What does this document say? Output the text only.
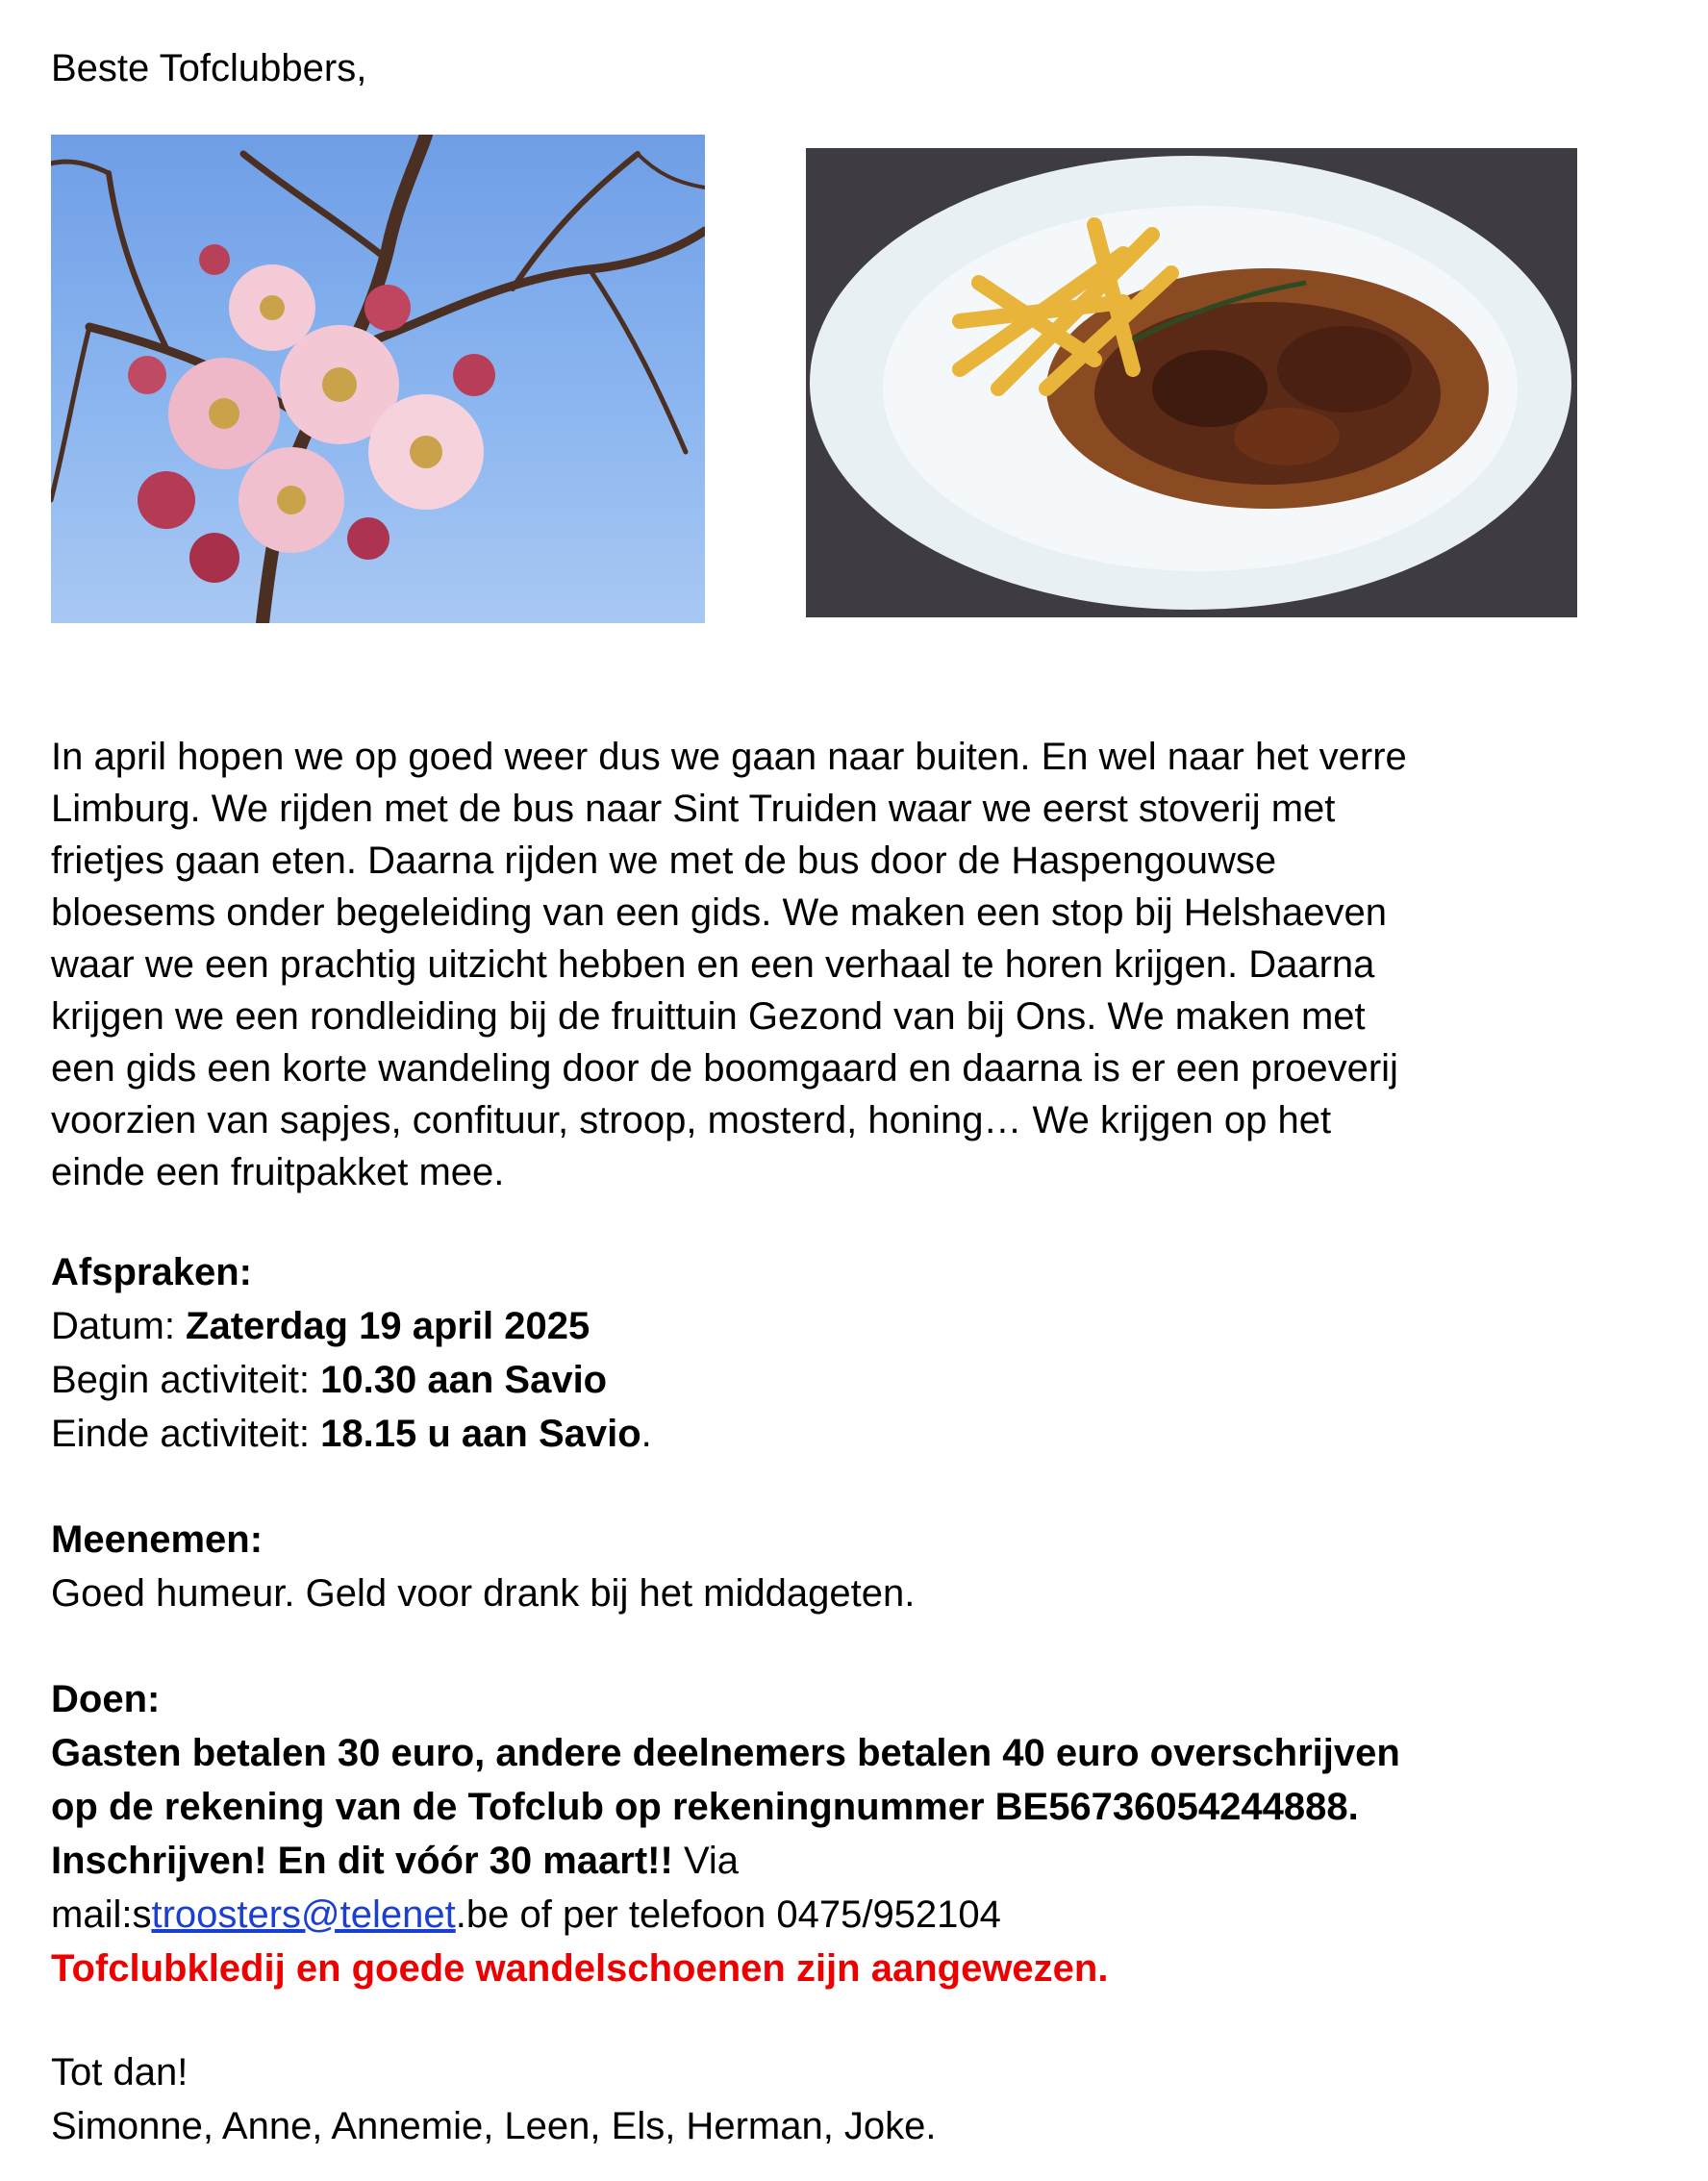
Beste Tofclubbers,

In april hopen we op goed weer dus we gaan naar buiten. En wel naar het verre

Limburg. We rijden met de bus naar Sint Truiden waar we eerst stoverij met

frietjes gaan eten. Daarna rijden we met de bus door de Haspengouwse

bloesems onder begeleiding van een gids. We maken een stop bij Helshaeven

waar we een prachtig uitzicht hebben en een verhaal te horen krijgen. Daarna

krijgen we een rondleiding bij de fruittuin Gezond van bij Ons. We maken met

een gids een korte wandeling door de boomgaard en daarna is er een proeverij

voorzien van sapjes, confituur, stroop, mosterd, honing… We krijgen op het

einde een fruitpakket mee.

Afspraken:

Datum: Zaterdag 19 april 2025

Begin activiteit: 10.30 aan Savio

Einde activiteit: 18.15 u aan Savio.

Meenemen:

Goed humeur. Geld voor drank bij het middageten.

Doen:

Gasten betalen 30 euro, andere deelnemers betalen 40 euro overschrijven

op de rekening van de Tofclub op rekeningnummer BE56736054244888.

Inschrijven! En dit vóór 30 maart!! Via

mail:stroosters@telenet.be of per telefoon 0475/952104

Tofclubkledij en goede wandelschoenen zijn aangewezen.

Tot dan!

Simonne, Anne, Annemie, Leen, Els, Herman, Joke.
